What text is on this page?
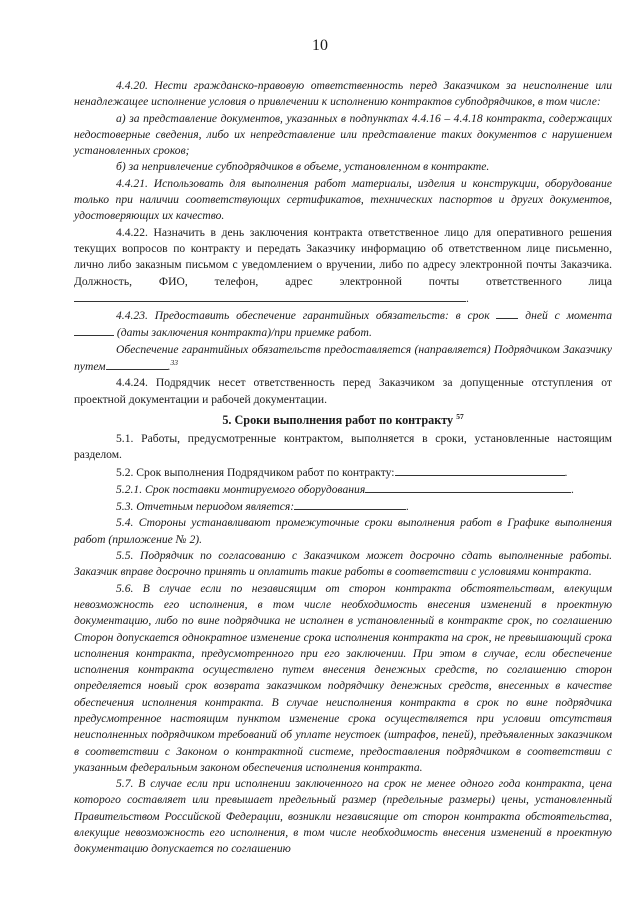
10

4.4.20. Нести гражданско-правовую ответственность перед Заказчиком за неисполнение или ненадлежащее исполнение условия о привлечении к исполнению контрактов субподрядчиков, в том числе:

а) за представление документов, указанных в подпунктах 4.4.16 – 4.4.18 контракта, содержащих недостоверные сведения, либо их непредставление или представление таких документов с нарушением установленных сроков;

б) за непривлечение субподрядчиков в объеме, установленном в контракте.

4.4.21. Использовать для выполнения работ материалы, изделия и конструкции, оборудование только при наличии соответствующих сертификатов, технических паспортов и других документов, удостоверяющих их качество.

4.4.22. Назначить в день заключения контракта ответственное лицо для оперативного решения текущих вопросов по контракту и передать Заказчику информацию об ответственном лице письменно, лично либо заказным письмом с уведомлением о вручении, либо по адресу электронной почты Заказчика. Должность, ФИО, телефон, адрес электронной почты ответственного лица.

4.4.23. Предоставить обеспечение гарантийных обязательств: в срок	дней с момента (даты заключения контракта)/при приемке работ.

Обеспечение гарантийных обязательств предоставляется (направляется) Подрядчиком Заказчику путем	.$^{33}$

4.4.24. Подрядчик несет ответственность перед Заказчиком за допущенные отступления от проектной документации и рабочей документации.

5. Сроки выполнения работ по контракту $^{57}$

5.1. Работы, предусмотренные контрактом, выполняется в сроки, установленные настоящим разделом.

5.2. Срок выполнения Подрядчиком работ по контракту:	.

5.2.1. Срок поставки монтируемого оборудования	.

5.3. Отчетным периодом является:	.

5.4. Стороны устанавливают промежуточные сроки выполнения работ в Графике выполнения работ (приложение № 2).

5.5. Подрядчик по согласованию с Заказчиком может досрочно сдать выполненные работы. Заказчик вправе досрочно принять и оплатить такие работы в соответствии с условиями контракта.

5.6. В случае если по независящим от сторон контракта обстоятельствам, влекущим невозможность его исполнения, в том числе необходимость внесения изменений в проектную документацию, либо по вине подрядчика не исполнен в установленный в контракте срок, по соглашению Сторон допускается однократное изменение срока исполнения контракта на срок, не превышающий срока исполнения контракта, предусмотренного при его заключении. При этом в случае, если обеспечение исполнения контракта осуществлено путем внесения денежных средств, по соглашению сторон определяется новый срок возврата заказчиком подрядчику денежных средств, внесенных в качестве обеспечения исполнения контракта. В случае неисполнения контракта в срок по вине подрядчика предусмотренное настоящим пунктом изменение срока осуществляется при условии отсутствия неисполненных подрядчиком требований об уплате неустоек (штрафов, пеней), предъявленных заказчиком в соответствии с Законом о контрактной системе, предоставления подрядчиком в соответствии с указанным федеральным законом обеспечения исполнения контракта.

5.7. В случае если при исполнении заключенного на срок не менее одного года контракта, цена которого составляет или превышает предельный размер (предельные размеры) цены, установленный Правительством Российской Федерации, возникли независящие от сторон контракта обстоятельства, влекущие невозможность его исполнения, в том числе необходимость внесения изменений в проектную документацию допускается по соглашению
